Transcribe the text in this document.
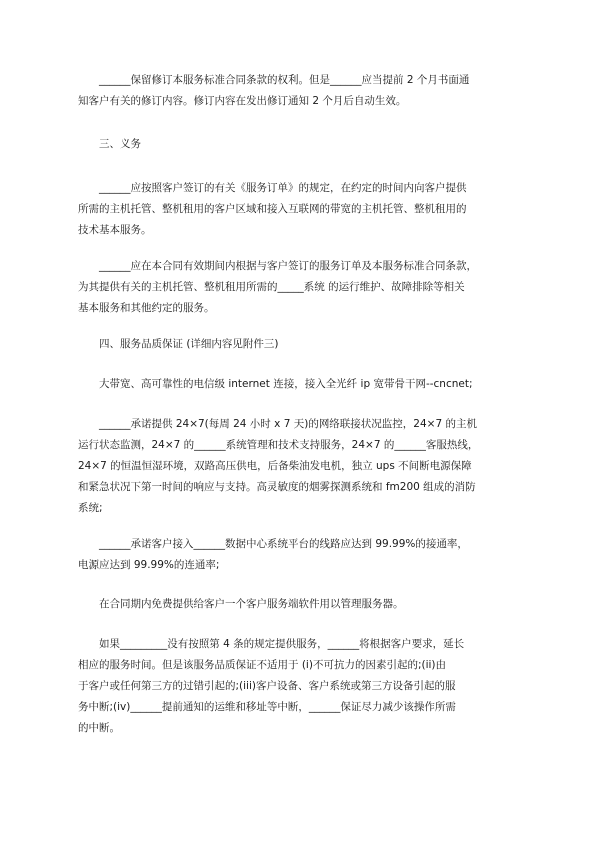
______保留修订本服务标准合同条款的权利。但是______应当提前 2 个月书面通
知客户有关的修订内容。修订内容在发出修订通知 2 个月后自动生效。

三、义务

______应按照客户签订的有关《服务订单》的规定，在约定的时间内向客户提供
所需的主机托管、整机租用的客户区域和接入互联网的带宽的主机托管、整机租用的
技术基本服务。

______应在本合同有效期间内根据与客户签订的服务订单及本服务标准合同条款，
为其提供有关的主机托管、整机租用所需的_____系统 的运行维护、故障排除等相关
基本服务和其他约定的服务。

四、服务品质保证 (详细内容见附件三)

大带宽、高可靠性的电信级 internet 连接，接入全光纤 ip 宽带骨干网--cncnet;

______承诺提供 24×7(每周 24 小时 x 7 天)的网络联接状况监控，24×7 的主机
运行状态监测，24×7 的______系统管理和技术支持服务，24×7 的______客服热线，
24×7 的恒温恒湿环境，双路高压供电，后备柴油发电机，独立 ups 不间断电源保障
和紧急状况下第一时间的响应与支持。高灵敏度的烟雾探测系统和 fm200 组成的消防
系统;

______承诺客户接入______数据中心系统平台的线路应达到 99.99%的接通率，
电源应达到 99.99%的连通率;

在合同期内免费提供给客户一个客户服务端软件用以管理服务器。

如果_________没有按照第 4 条的规定提供服务，______将根据客户要求，延长
相应的服务时间。但是该服务品质保证不适用于 (i)不可抗力的因素引起的;(ii)由
于客户或任何第三方的过错引起的;(iii)客户设备、客户系统或第三方设备引起的服
务中断;(iv)______提前通知的运维和移址等中断，______保证尽力减少该操作所需
的中断。
